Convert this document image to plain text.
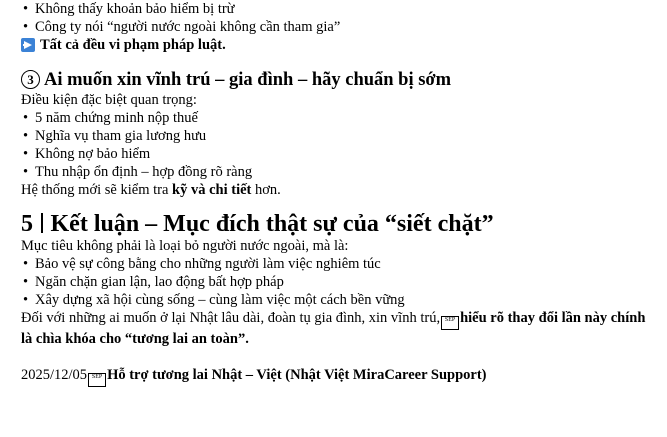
• Không thấy khoản bảo hiểm bị trừ
• Công ty nói “người nước ngoài không cần tham gia”
Tất cả đều vi phạm pháp luật.
3 Ai muốn xin vĩnh trú – gia đình – hãy chuẩn bị sớm

Điều kiện đặc biệt quan trọng:

• 5 năm chứng minh nộp thuế
• Nghĩa vụ tham gia lương hưu
• Không nợ bảo hiểm
• Thu nhập ổn định – hợp đồng rõ ràng

Hệ thống mới sẽ kiểm tra kỹ và chi tiết hơn.

5 Kết luận – Mục đích thật sự của “siết chặt”

Mục tiêu không phải là loại bỏ người nước ngoài, mà là:

• Bảo vệ sự công bằng cho những người làm việc nghiêm túc
• Ngăn chặn gian lận, lao động bất hợp pháp
• Xây dựng xã hội cùng sống – cùng làm việc một cách bền vững

Đối với những ai muốn ở lại Nhật lâu dài, đoàn tụ gia đình, xin vĩnh trú, SEP hiểu rõ thay đổi lần này chính là chìa khóa cho “tương lai an toàn”.

2025/12/05 SEP Hỗ trợ tương lai Nhật – Việt (Nhật Việt MiraCareer Support)
